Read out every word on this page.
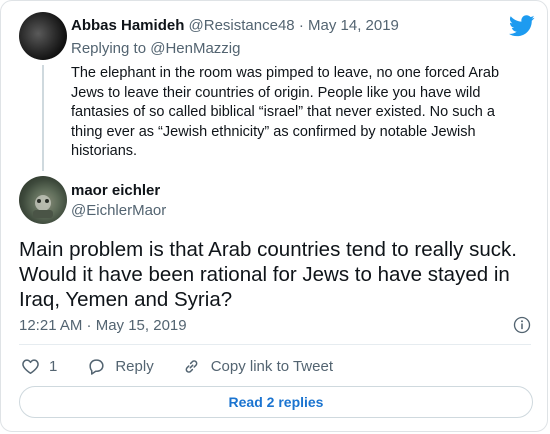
Abbas Hamideh @Resistance48 · May 14, 2019
Replying to @HenMazzig
The elephant in the room was pimped to leave, no one forced Arab Jews to leave their countries of origin. People like you have wild fantasies of so called biblical “israel” that never existed. No such a thing ever as “Jewish ethnicity” as confirmed by notable Jewish historians.
maor eichler
@EichlerMaor
Main problem is that Arab countries tend to really suck. Would it have been rational for Jews to have stayed in Iraq, Yemen and Syria?
12:21 AM · May 15, 2019
1	Reply	Copy link to Tweet
Read 2 replies
